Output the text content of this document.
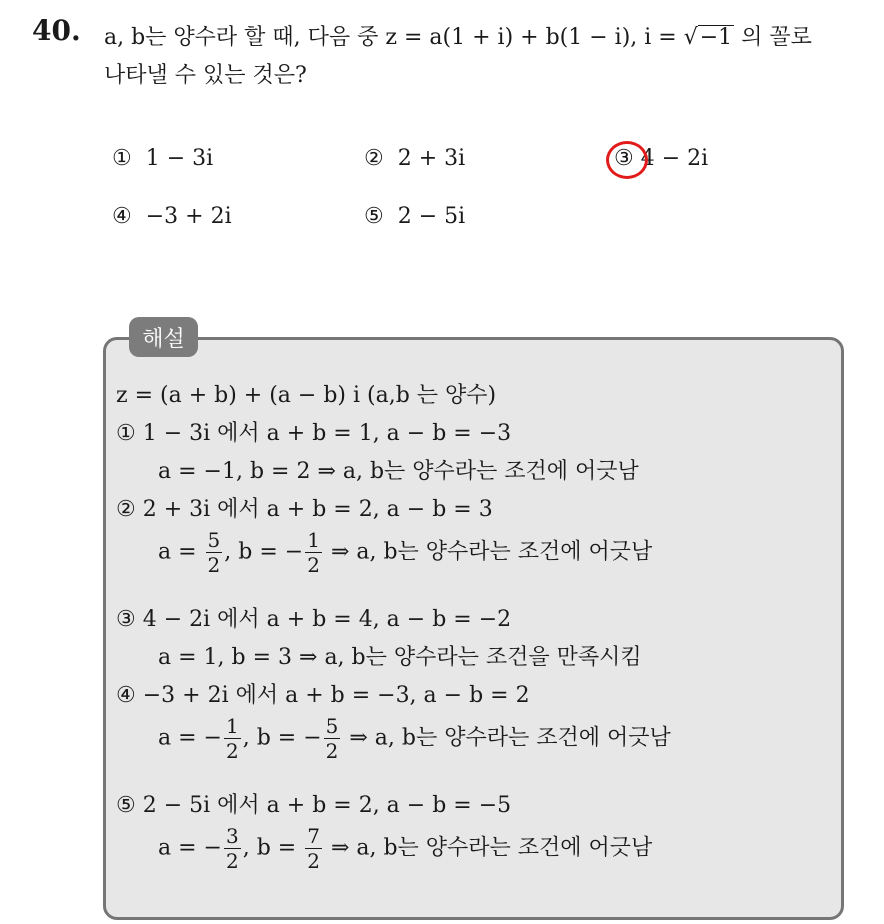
40. a, b는 양수라 할 때, 다음 중 z = a(1 + i) + b(1 − i), i = √−1 의 꼴로
나타낼 수 있는 것은?
① 1 − 3i	② 2 + 3i	③ 4 − 2i
④ −3 + 2i	⑤ 2 − 5i
해설
z = (a + b) + (a − b) i (a,b 는 양수)
① 1 − 3i 에서 a + b = 1, a − b = −3
a = −1, b = 2 ⇒ a, b는 양수라는 조건에 어긋남
② 2 + 3i 에서 a + b = 2, a − b = 3
$a = \frac{5}{2}$ , b = − $\frac{1}{2}$ ⇒ a, b는 양수라는 조건에 어긋남
③ 4 − 2i 에서 a + b = 4, a − b = −2
a = 1, b = 3 ⇒ a, b는 양수라는 조건을 만족시킴
④ −3 + 2i 에서 a + b = −3, a − b = 2
a = − $\frac{1}{2}$ , b = − $\frac{5}{2}$ ⇒ a, b는 양수라는 조건에 어긋남
⑤ 2 − 5i 에서 a + b = 2, a − b = −5
a = − $\frac{3}{2}$ , $b = \frac{7}{2}$ ⇒ a, b는 양수라는 조건에 어긋남
